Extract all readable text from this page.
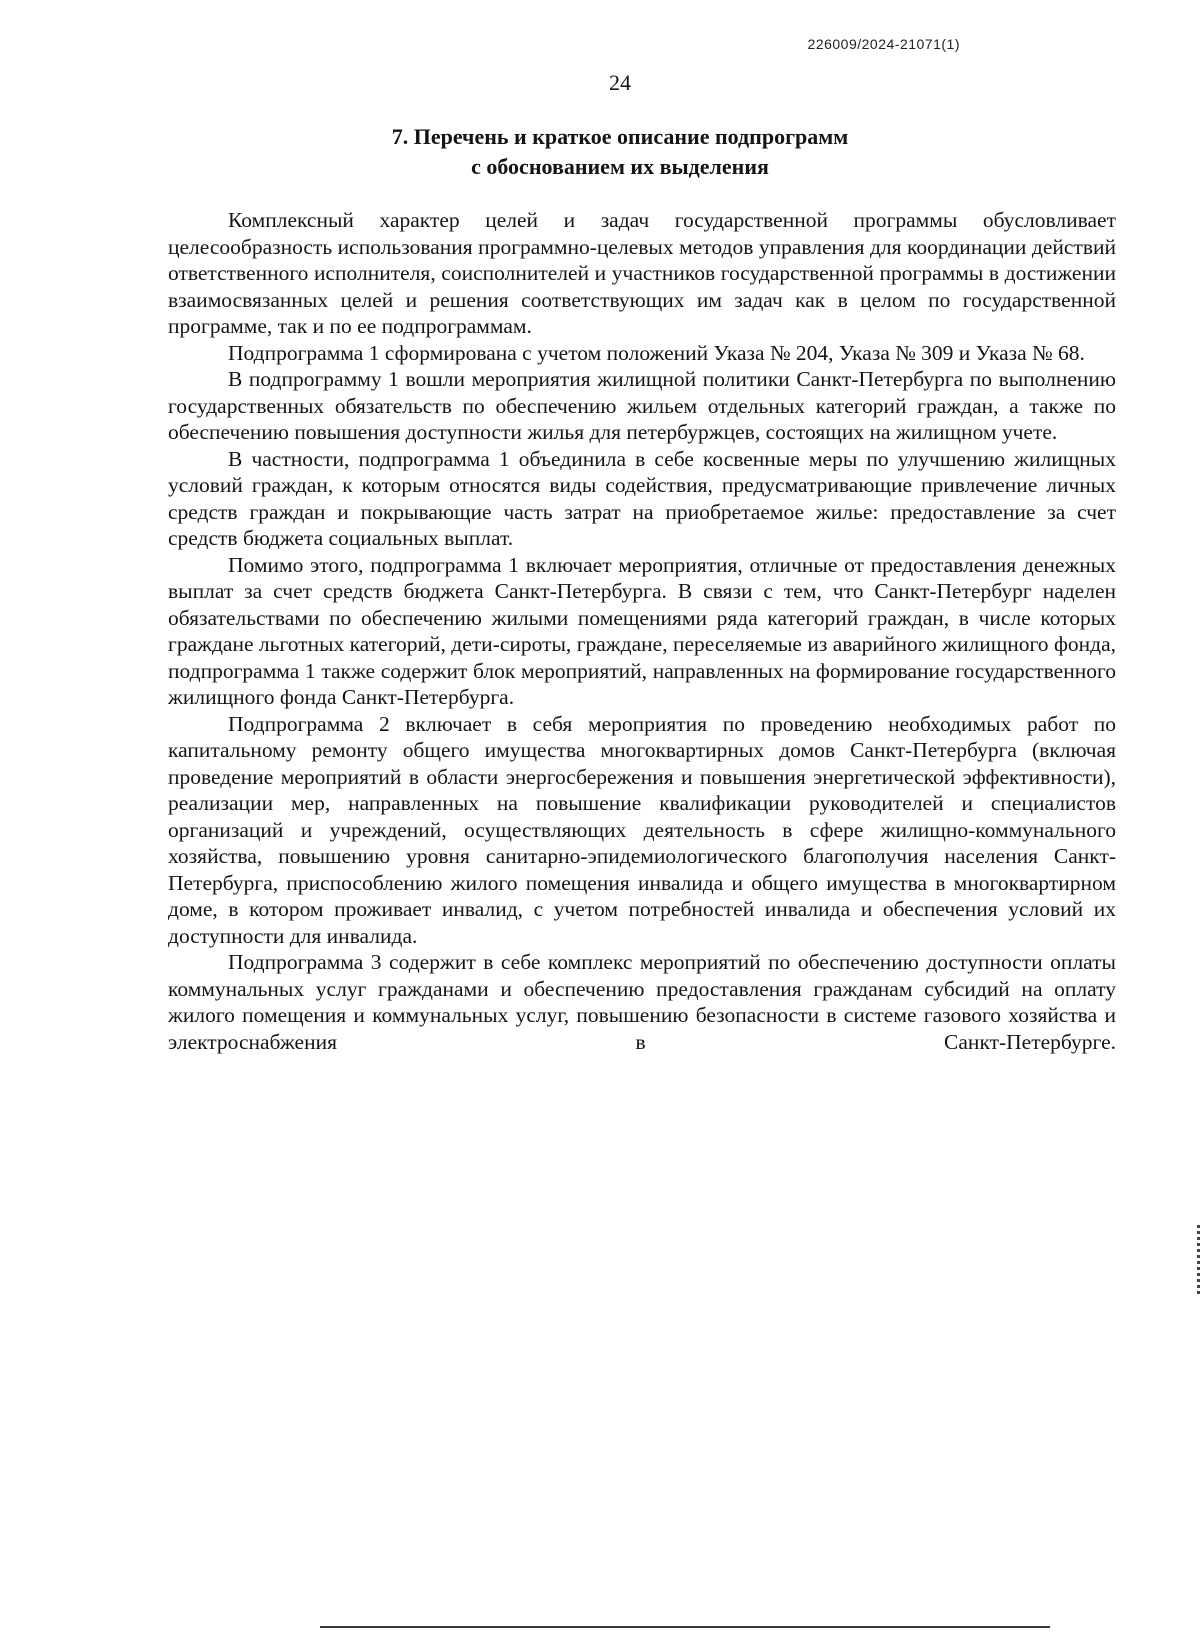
226009/2024-21071(1)
24
7. Перечень и краткое описание подпрограмм
с обоснованием их выделения

Комплексный характер целей и задач государственной программы обусловливает целесообразность использования программно-целевых методов управления для координации действий ответственного исполнителя, соисполнителей и участников государственной программы в достижении взаимосвязанных целей и решения соответствующих им задач как в целом по государственной программе, так и по ее подпрограммам.

Подпрограмма 1 сформирована с учетом положений Указа № 204, Указа № 309 и Указа № 68.

В подпрограмму 1 вошли мероприятия жилищной политики Санкт-Петербурга по выполнению государственных обязательств по обеспечению жильем отдельных категорий граждан, а также по обеспечению повышения доступности жилья для петербуржцев, состоящих на жилищном учете.

В частности, подпрограмма 1 объединила в себе косвенные меры по улучшению жилищных условий граждан, к которым относятся виды содействия, предусматривающие привлечение личных средств граждан и покрывающие часть затрат на приобретаемое жилье: предоставление за счет средств бюджета социальных выплат.

Помимо этого, подпрограмма 1 включает мероприятия, отличные от предоставления денежных выплат за счет средств бюджета Санкт-Петербурга. В связи с тем, что Санкт-Петербург наделен обязательствами по обеспечению жилыми помещениями ряда категорий граждан, в числе которых граждане льготных категорий, дети-сироты, граждане, переселяемые из аварийного жилищного фонда, подпрограмма 1 также содержит блок мероприятий, направленных на формирование государственного жилищного фонда Санкт-Петербурга.

Подпрограмма 2 включает в себя мероприятия по проведению необходимых работ по капитальному ремонту общего имущества многоквартирных домов Санкт-Петербурга (включая проведение мероприятий в области энергосбережения и повышения энергетической эффективности), реализации мер, направленных на повышение квалификации руководителей и специалистов организаций и учреждений, осуществляющих деятельность в сфере жилищно-коммунального хозяйства, повышению уровня санитарно-эпидемиологического благополучия населения Санкт-Петербурга, приспособлению жилого помещения инвалида и общего имущества в многоквартирном доме, в котором проживает инвалид, с учетом потребностей инвалида и обеспечения условий их доступности для инвалида.

Подпрограмма 3 содержит в себе комплекс мероприятий по обеспечению доступности оплаты коммунальных услуг гражданами и обеспечению предоставления гражданам субсидий на оплату жилого помещения и коммунальных услуг, повышению безопасности в системе газового хозяйства и электроснабжения в Санкт-Петербурге.
